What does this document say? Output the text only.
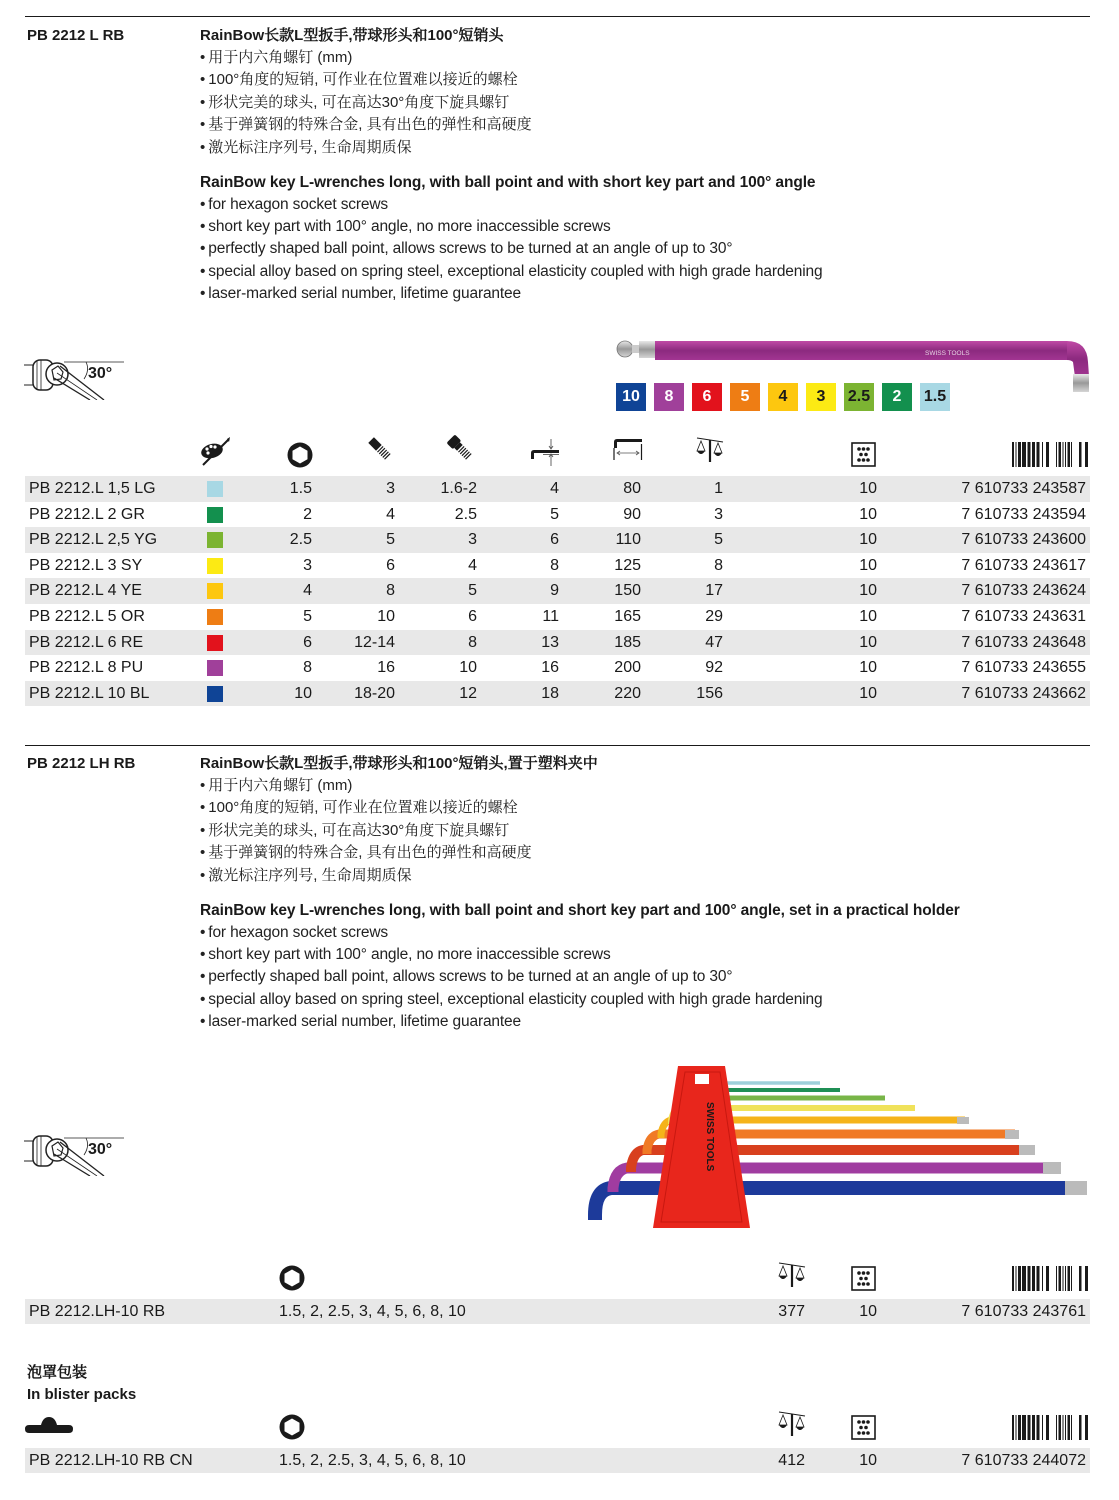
PB 2212 L RB	RainBow长款L型扳手,带球形头和100°短销头
• 用于内六角螺钉 (mm)
• 100°角度的短销, 可作业在位置难以接近的螺栓
• 形状完美的球头, 可在高达30°角度下旋具螺钉
• 基于弹簧钢的特殊合金, 具有出色的弹性和高硬度
• 激光标注序列号, 生命周期质保
RainBow key L-wrenches long, with ball point and with short key part and 100° angle
• for hexagon socket screws
• short key part with 100° angle, no more inaccessible screws
• perfectly shaped ball point, allows screws to be turned at an angle of up to 30°
• special alloy based on spring steel, exceptional elasticity coupled with high grade hardening
• laser-marked serial number, lifetime guarantee
30°
SWISS TOOLS
10 8 6 5 4 3 2.5 2 1.5
PB 2212.L 1,5 LG	1.5	3	1.6-2	4	80	1	10	7 610733 243587
PB 2212.L 2 GR	2	4	2.5	5	90	3	10	7 610733 243594
PB 2212.L 2,5 YG	2.5	5	3	6	110	5	10	7 610733 243600
PB 2212.L 3 SY	3	6	4	8	125	8	10	7 610733 243617
PB 2212.L 4 YE	4	8	5	9	150	17	10	7 610733 243624
PB 2212.L 5 OR	5	10	6	11	165	29	10	7 610733 243631
PB 2212.L 6 RE	6	12-14	8	13	185	47	10	7 610733 243648
PB 2212.L 8 PU	8	16	10	16	200	92	10	7 610733 243655
PB 2212.L 10 BL	10	18-20	12	18	220	156	10	7 610733 243662
PB 2212 LH RB	RainBow长款L型扳手,带球形头和100°短销头,置于塑料夹中
• 用于内六角螺钉 (mm)
• 100°角度的短销, 可作业在位置难以接近的螺栓
• 形状完美的球头, 可在高达30°角度下旋具螺钉
• 基于弹簧钢的特殊合金, 具有出色的弹性和高硬度
• 激光标注序列号, 生命周期质保
RainBow key L-wrenches long, with ball point and short key part and 100° angle, set in a practical holder
• for hexagon socket screws
• short key part with 100° angle, no more inaccessible screws
• perfectly shaped ball point, allows screws to be turned at an angle of up to 30°
• special alloy based on spring steel, exceptional elasticity coupled with high grade hardening
• laser-marked serial number, lifetime guarantee
30°	SWISS TOOLS
PB 2212.LH-10 RB	1.5, 2, 2.5, 3, 4, 5, 6, 8, 10	377	10	7 610733 243761
泡罩包装
In blister packs
PB 2212.LH-10 RB CN	1.5, 2, 2.5, 3, 4, 5, 6, 8, 10	412	10	7 610733 244072
